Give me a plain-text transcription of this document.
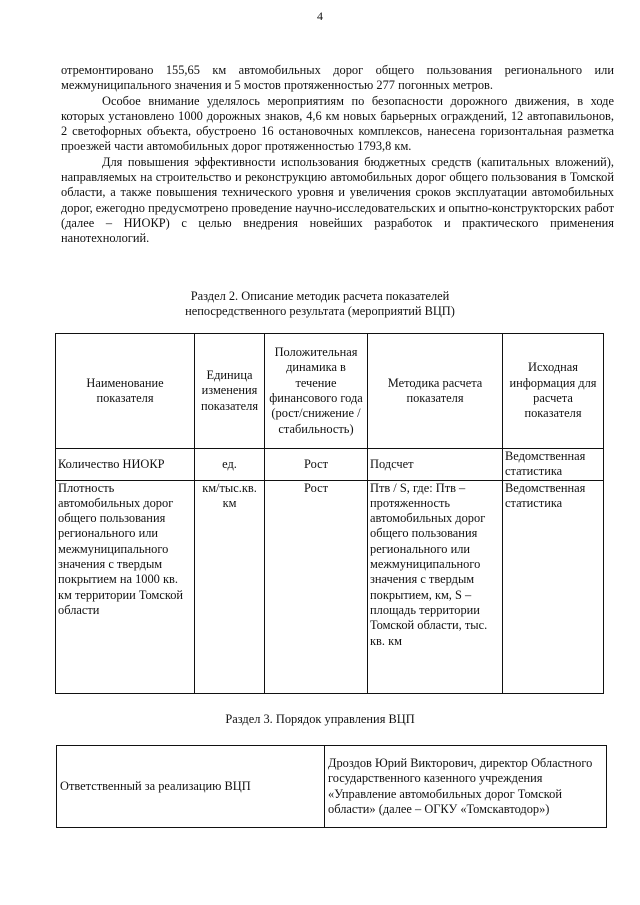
4

отремонтировано 155,65 км автомобильных дорог общего пользования регионального или межмуниципального значения и 5 мостов протяженностью 277 погонных метров.

Особое внимание уделялось мероприятиям по безопасности дорожного движения, в ходе которых установлено 1000 дорожных знаков, 4,6 км новых барьерных ограждений, 12 автопавильонов, 2 светофорных объекта, обустроено 16 остановочных комплексов, нанесена горизонтальная разметка проезжей части автомобильных дорог протяженностью 1793,8 км.

Для повышения эффективности использования бюджетных средств (капитальных вложений), направляемых на строительство и реконструкцию автомобильных дорог общего пользования в Томской области, а также повышения технического уровня и увеличения сроков эксплуатации автомобильных дорог, ежегодно предусмотрено проведение научно-исследовательских и опытно-конструкторских работ (далее – НИОКР) с целью внедрения новейших разработок и практического применения нанотехнологий.

Раздел 2. Описание методик расчета показателей
непосредственного результата (мероприятий ВЦП)
Наименование показателя	Единица изменения показателя	Положительная динамика в течение финансового года (рост/снижение /стабильность)	Методика расчета показателя	Исходная информация для расчета показателя
Количество НИОКР	ед.	Рост	Подсчет	Ведомственная статистика
Плотность автомобильных дорог общего пользования регионального или межмуниципального значения с твердым покрытием на 1000 кв. км территории Томской области	км/тыс.кв. км	Рост	Птв / S, где: Птв – протяженность автомобильных дорог общего пользования регионального или межмуниципального значения с твердым покрытием, км, S – площадь территории Томской области, тыс. кв. км	Ведомственная статистика
Раздел 3. Порядок управления ВЦП
Ответственный за реализацию ВЦП	Дроздов Юрий Викторович, директор Областного государственного казенного учреждения «Управление автомобильных дорог Томской области» (далее – ОГКУ «Томскавтодор»)
